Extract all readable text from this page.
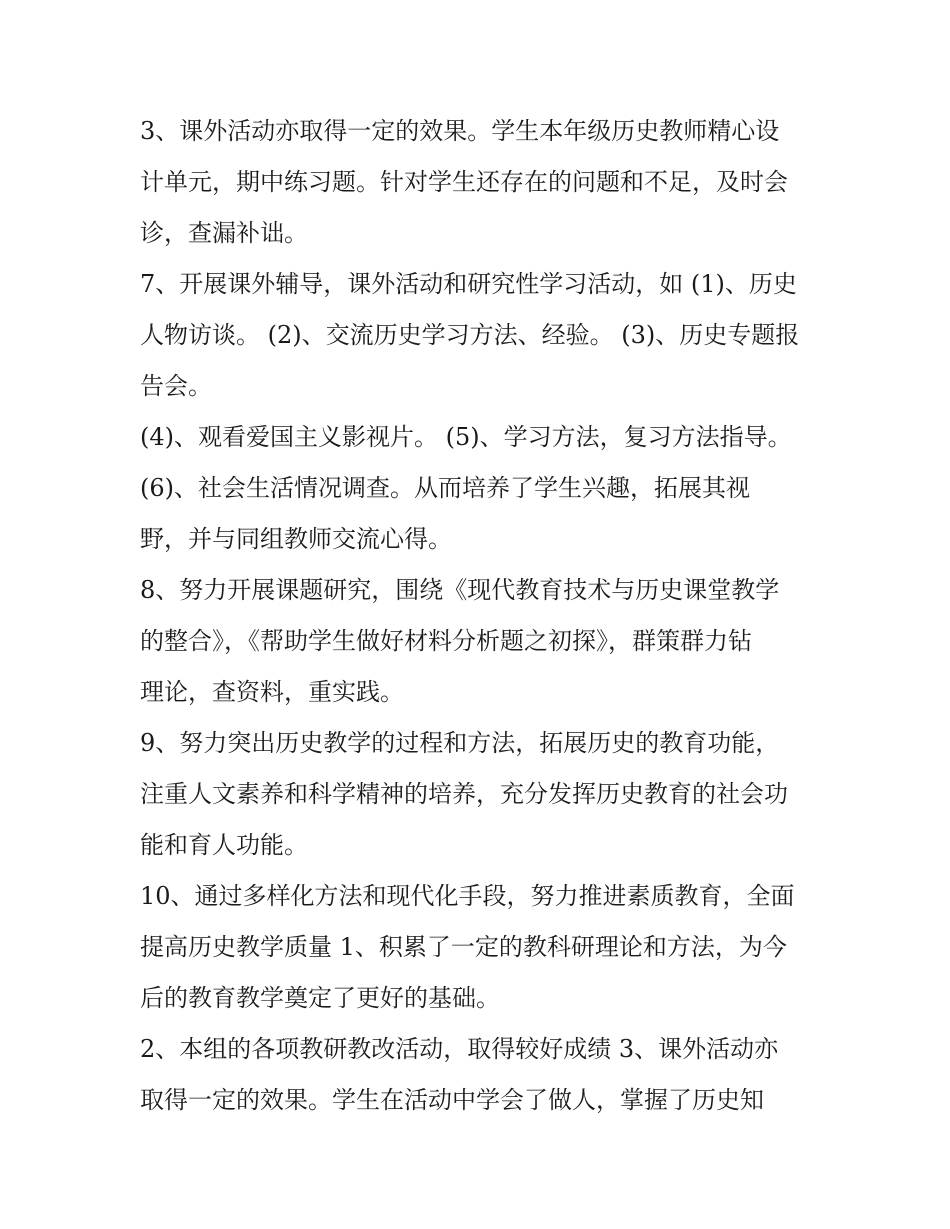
3、课外活动亦取得一定的效果。学生本年级历史教师精心设
计单元，期中练习题。针对学生还存在的问题和不足，及时会
诊，查漏补诎。
7、开展课外辅导，课外活动和研究性学习活动，如 (1)、历史
人物访谈。 (2)、交流历史学习方法、经验。 (3)、历史专题报
告会。
(4)、观看爱国主义影视片。 (5)、学习方法，复习方法指导。
(6)、社会生活情况调查。从而培养了学生兴趣，拓展其视
野，并与同组教师交流心得。
8、努力开展课题研究，围绕《现代教育技术与历史课堂教学
的整合》，《帮助学生做好材料分析题之初探》，群策群力钻
理论，查资料，重实践。
9、努力突出历史教学的过程和方法，拓展历史的教育功能，
注重人文素养和科学精神的培养，充分发挥历史教育的社会功
能和育人功能。
10、通过多样化方法和现代化手段，努力推进素质教育，全面
提高历史教学质量 1、积累了一定的教科研理论和方法，为今
后的教育教学奠定了更好的基础。
2、本组的各项教研教改活动，取得较好成绩 3、课外活动亦
取得一定的效果。学生在活动中学会了做人，掌握了历史知
